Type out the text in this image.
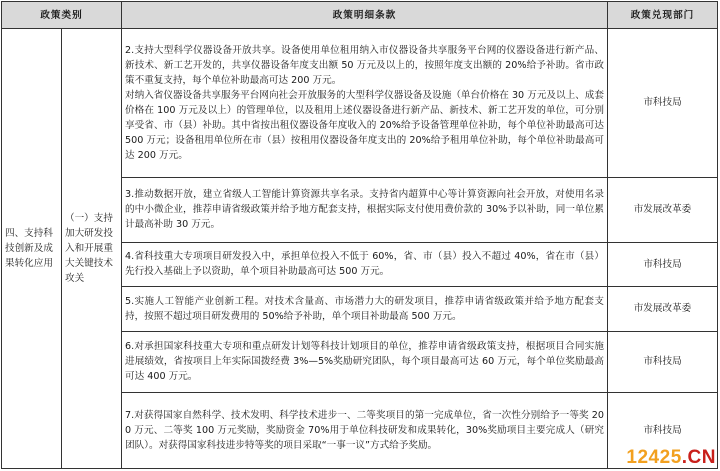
政策类别		政策明细条款	政策兑现部门
四、支持科技创新及成果转化应用	（一）支持加大研发投入和开展重大关键技术攻关	2.支持大型科学仪器设备开放共享。设备使用单位租用纳入市仪器设备共享服务平台网的仪器设备进行新产品、新技术、新工艺开发的，共享仪器设备年度支出额 50 万元及以上的，按照年度支出额的 20%给予补助。省市政策不重复支持，每个单位补助最高可达 200 万元。

对纳入省仪器设备共享服务平台网向社会开放服务的大型科学仪器设备及设施（单台价格在 30 万元及以上、成套价格在 100 万元及以上）的管理单位，以及租用上述仪器设备进行新产品、新技术、新工艺开发的单位，可分别享受省、市（县）补助。其中省按出租仪器设备年度收入的 20%给予设备管理单位补助，每个单位补助最高可达 500 万元；设备租用单位所在市（县）按租用仪器设备年度支出的 20%给予租用单位补助，每个单位补助最高可达 200 万元。	市科技局

		3.推动数据开放，建立省级人工智能计算资源共享名录。支持省内超算中心等计算资源向社会开放，对使用名录的中小微企业，推荐申请省级政策并给予地方配套支持，根据实际支付使用费价款的 30%予以补助，同一单位累计最高补助 30 万元。	市发展改革委

		4.省科技重大专项项目研发投入中，承担单位投入不低于 60%，省、市（县）投入不超过 40%，省在市（县）先行投入基础上予以资助，单个项目补助最高可达 500 万元。	市科技局

		5.实施人工智能产业创新工程。对技术含量高、市场潜力大的研发项目，推荐申请省级政策并给予地方配套支持，按照不超过项目研发费用的 50%给予补助，单个项目补助最高 500 万元。	市发展改革委

		6.对承担国家科技重大专项和重点研发计划等科技计划项目的单位，推荐申请省级政策支持，根据项目合同实施进展绩效，省按项目上年实际国拨经费 3%—5%奖励研究团队，每个项目最高可达 60 万元，每个单位奖励最高可达 400 万元。	市科技局

		7.对获得国家自然科学、技术发明、科学技术进步一、二等奖项目的第一完成单位，省一次性分别给予一等奖 200 万元、二等奖 100 万元奖励，奖励资金 70%用于单位科技研发和成果转化，30%奖励项目主要完成人（研究团队）。对获得国家科技进步特等奖的项目采取“一事一议”方式给予奖励。	市科技局
12425.CN
